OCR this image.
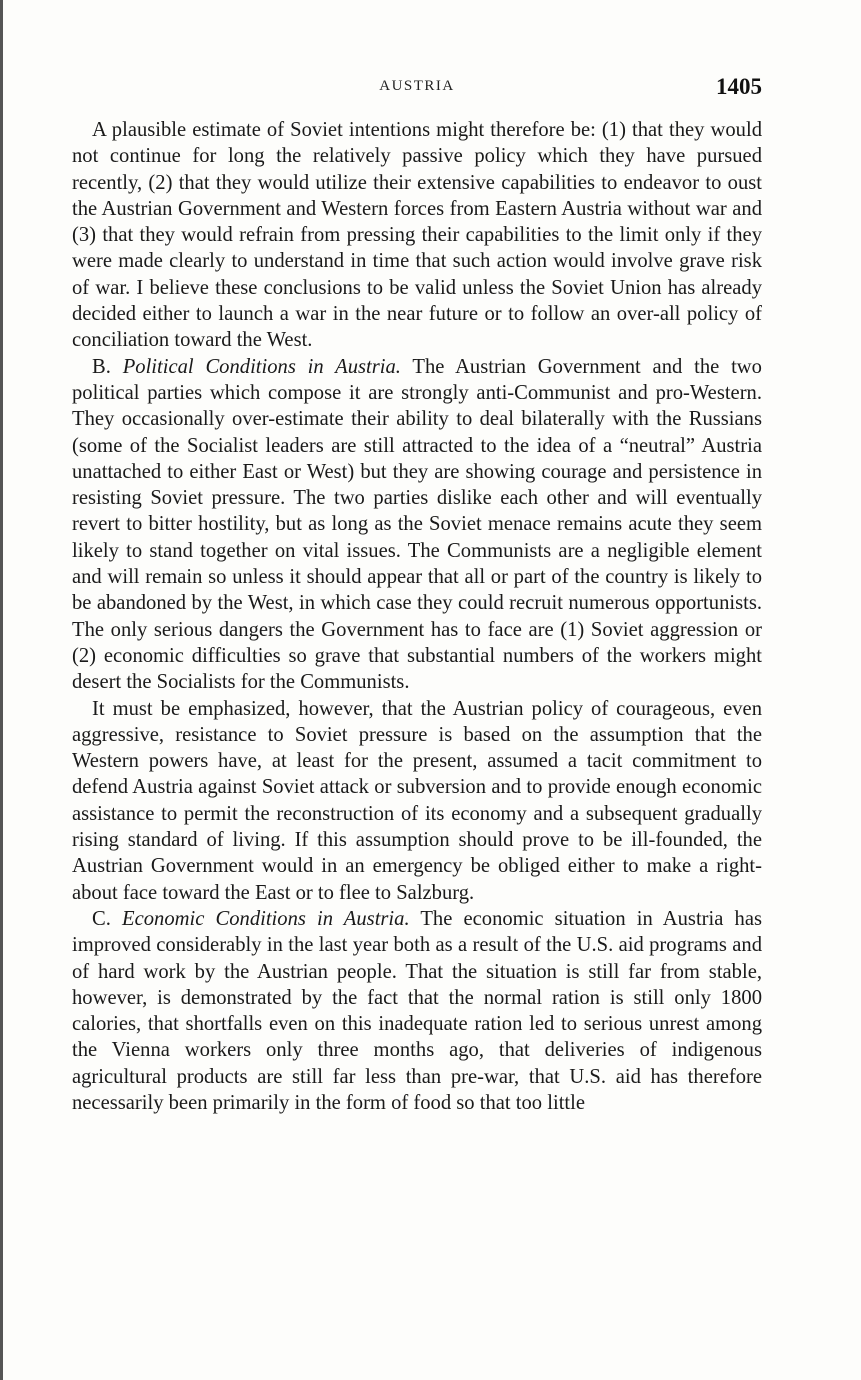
AUSTRIA	1405

A plausible estimate of Soviet intentions might therefore be: (1) that they would not continue for long the relatively passive policy which they have pursued recently, (2) that they would utilize their extensive capabilities to endeavor to oust the Austrian Government and Western forces from Eastern Austria without war and (3) that they would refrain from pressing their capabilities to the limit only if they were made clearly to understand in time that such action would involve grave risk of war. I believe these conclusions to be valid unless the Soviet Union has already decided either to launch a war in the near future or to follow an over-all policy of conciliation toward the West.

B. Political Conditions in Austria. The Austrian Government and the two political parties which compose it are strongly anti-Communist and pro-Western. They occasionally over-estimate their ability to deal bilaterally with the Russians (some of the Socialist leaders are still attracted to the idea of a “neutral” Austria unattached to either East or West) but they are showing courage and persistence in resisting Soviet pressure. The two parties dislike each other and will eventually revert to bitter hostility, but as long as the Soviet menace remains acute they seem likely to stand together on vital issues. The Communists are a negligible element and will remain so unless it should appear that all or part of the country is likely to be abandoned by the West, in which case they could recruit numerous opportunists. The only serious dangers the Government has to face are (1) Soviet aggression or (2) economic difficulties so grave that substantial numbers of the workers might desert the Socialists for the Communists.

It must be emphasized, however, that the Austrian policy of courageous, even aggressive, resistance to Soviet pressure is based on the assumption that the Western powers have, at least for the present, assumed a tacit commitment to defend Austria against Soviet attack or subversion and to provide enough economic assistance to permit the reconstruction of its economy and a subsequent gradually rising standard of living. If this assumption should prove to be ill-founded, the Austrian Government would in an emergency be obliged either to make a right-about face toward the East or to flee to Salzburg.

C. Economic Conditions in Austria. The economic situation in Austria has improved considerably in the last year both as a result of the U.S. aid programs and of hard work by the Austrian people. That the situation is still far from stable, however, is demonstrated by the fact that the normal ration is still only 1800 calories, that shortfalls even on this inadequate ration led to serious unrest among the Vienna workers only three months ago, that deliveries of indigenous agricultural products are still far less than pre-war, that U.S. aid has therefore necessarily been primarily in the form of food so that too little
